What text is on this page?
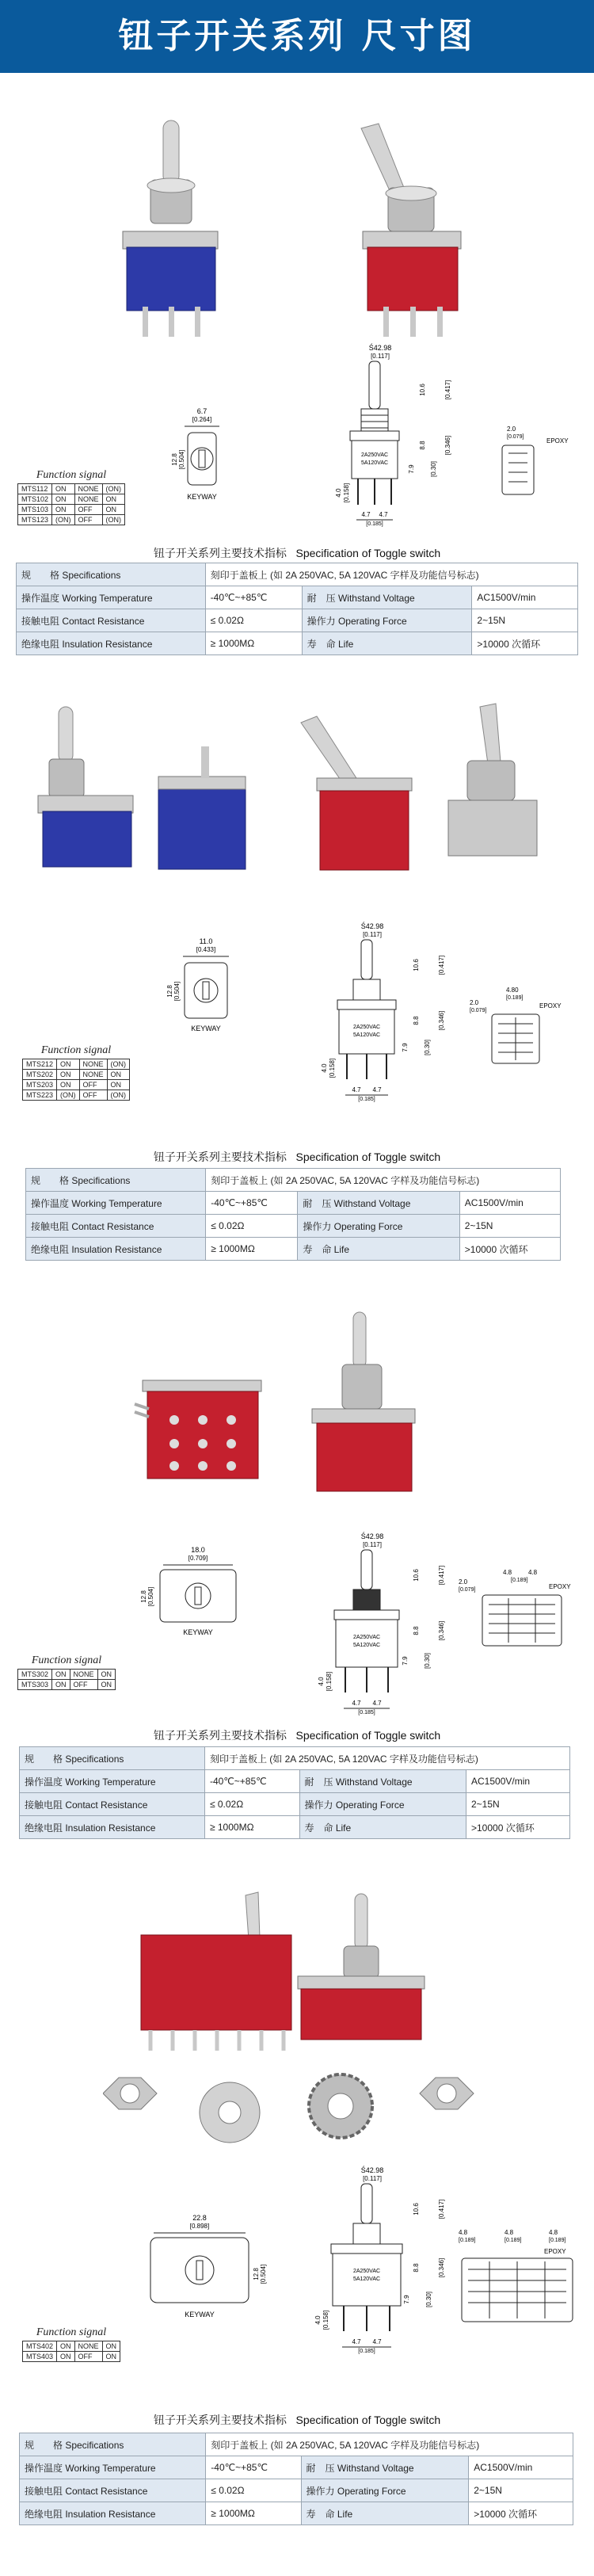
钮子开关系列 尺寸图
6.7
[0.264]
12.8 [0.504]
KEYWAY
Ś42.98
[0.117]
2A250VAC
5A120VAC
10.6	[0.417]
8.8	[0.346]
7.9 [0.30]
4.0 [0.158]
4.7 4.7
[0.185]
2.0
[0.079]
EPOXY
Function signal
MTS112	ON	NONE	(ON)
MTS102	ON	NONE	ON
MTS103	ON	OFF	ON
MTS123	(ON)	OFF	(ON)
钮子开关系列主要技术指标 Specification of Toggle switch
规　　格 Specifications	刻印于盖板上 (如 2A 250VAC, 5A 120VAC 字样及功能信号标志)		
操作温度 Working Temperature	-40℃~+85℃	耐　压 Withstand Voltage	AC1500V/min
接触电阻 Contact Resistance	≤ 0.02Ω	操作力 Operating Force	2~15N
绝缘电阻 Insulation Resistance	≥ 1000MΩ	寿　命 Life	>10000 次循环
11.0
[0.433]
12.8 [0.504]
KEYWAY
Ś42.98
[0.117]
2A250VAC
5A120VAC
10.6	[0.417]
8.8	[0.346]
7.9 [0.30]
4.0 [0.158]
4.7 4.7
[0.185]
4.80
[0.189]
2.0
[0.079]
EPOXY
Function signal
MTS212	ON	NONE	(ON)
MTS202	ON	NONE	ON
MTS203	ON	OFF	ON
MTS223	(ON)	OFF	(ON)
钮子开关系列主要技术指标 Specification of Toggle switch
规　　格 Specifications	刻印于盖板上 (如 2A 250VAC, 5A 120VAC 字样及功能信号标志)		
操作温度 Working Temperature	-40℃~+85℃	耐　压 Withstand Voltage	AC1500V/min
接触电阻 Contact Resistance	≤ 0.02Ω	操作力 Operating Force	2~15N
绝缘电阻 Insulation Resistance	≥ 1000MΩ	寿　命 Life	>10000 次循环
18.0
[0.709]
12.8 [0.504]
KEYWAY
Ś42.98
[0.117]
2A250VAC
5A120VAC
10.6	[0.417]
8.8	[0.346]
7.9 [0.30]
4.0 [0.158]
4.7 4.7
[0.185]
4.8	4.8
[0.189]
2.0
[0.079]	EPOXY
Function signal
MTS302	ON	NONE	ON
MTS303	ON	OFF	ON
钮子开关系列主要技术指标 Specification of Toggle switch
规　　格 Specifications	刻印于盖板上 (如 2A 250VAC, 5A 120VAC 字样及功能信号标志)		
操作温度 Working Temperature	-40℃~+85℃	耐　压 Withstand Voltage	AC1500V/min
接触电阻 Contact Resistance	≤ 0.02Ω	操作力 Operating Force	2~15N
绝缘电阻 Insulation Resistance	≥ 1000MΩ	寿　命 Life	>10000 次循环
22.8
[0.898]
12.8 [0.504]
KEYWAY
Ś42.98
[0.117]
2A250VAC
5A120VAC
10.6	[0.417]
8.8	[0.346]
7.9 [0.30]
4.0 [0.158]
4.7 4.7
[0.185]
4.8
[0.189]
4.8
[0.189]
4.8
[0.189]
EPOXY
Function signal
MTS402	ON	NONE	ON
MTS403	ON	OFF	ON
钮子开关系列主要技术指标 Specification of Toggle switch
规　　格 Specifications	刻印于盖板上 (如 2A 250VAC, 5A 120VAC 字样及功能信号标志)		
操作温度 Working Temperature	-40℃~+85℃	耐　压 Withstand Voltage	AC1500V/min
接触电阻 Contact Resistance	≤ 0.02Ω	操作力 Operating Force	2~15N
绝缘电阻 Insulation Resistance	≥ 1000MΩ	寿　命 Life	>10000 次循环
